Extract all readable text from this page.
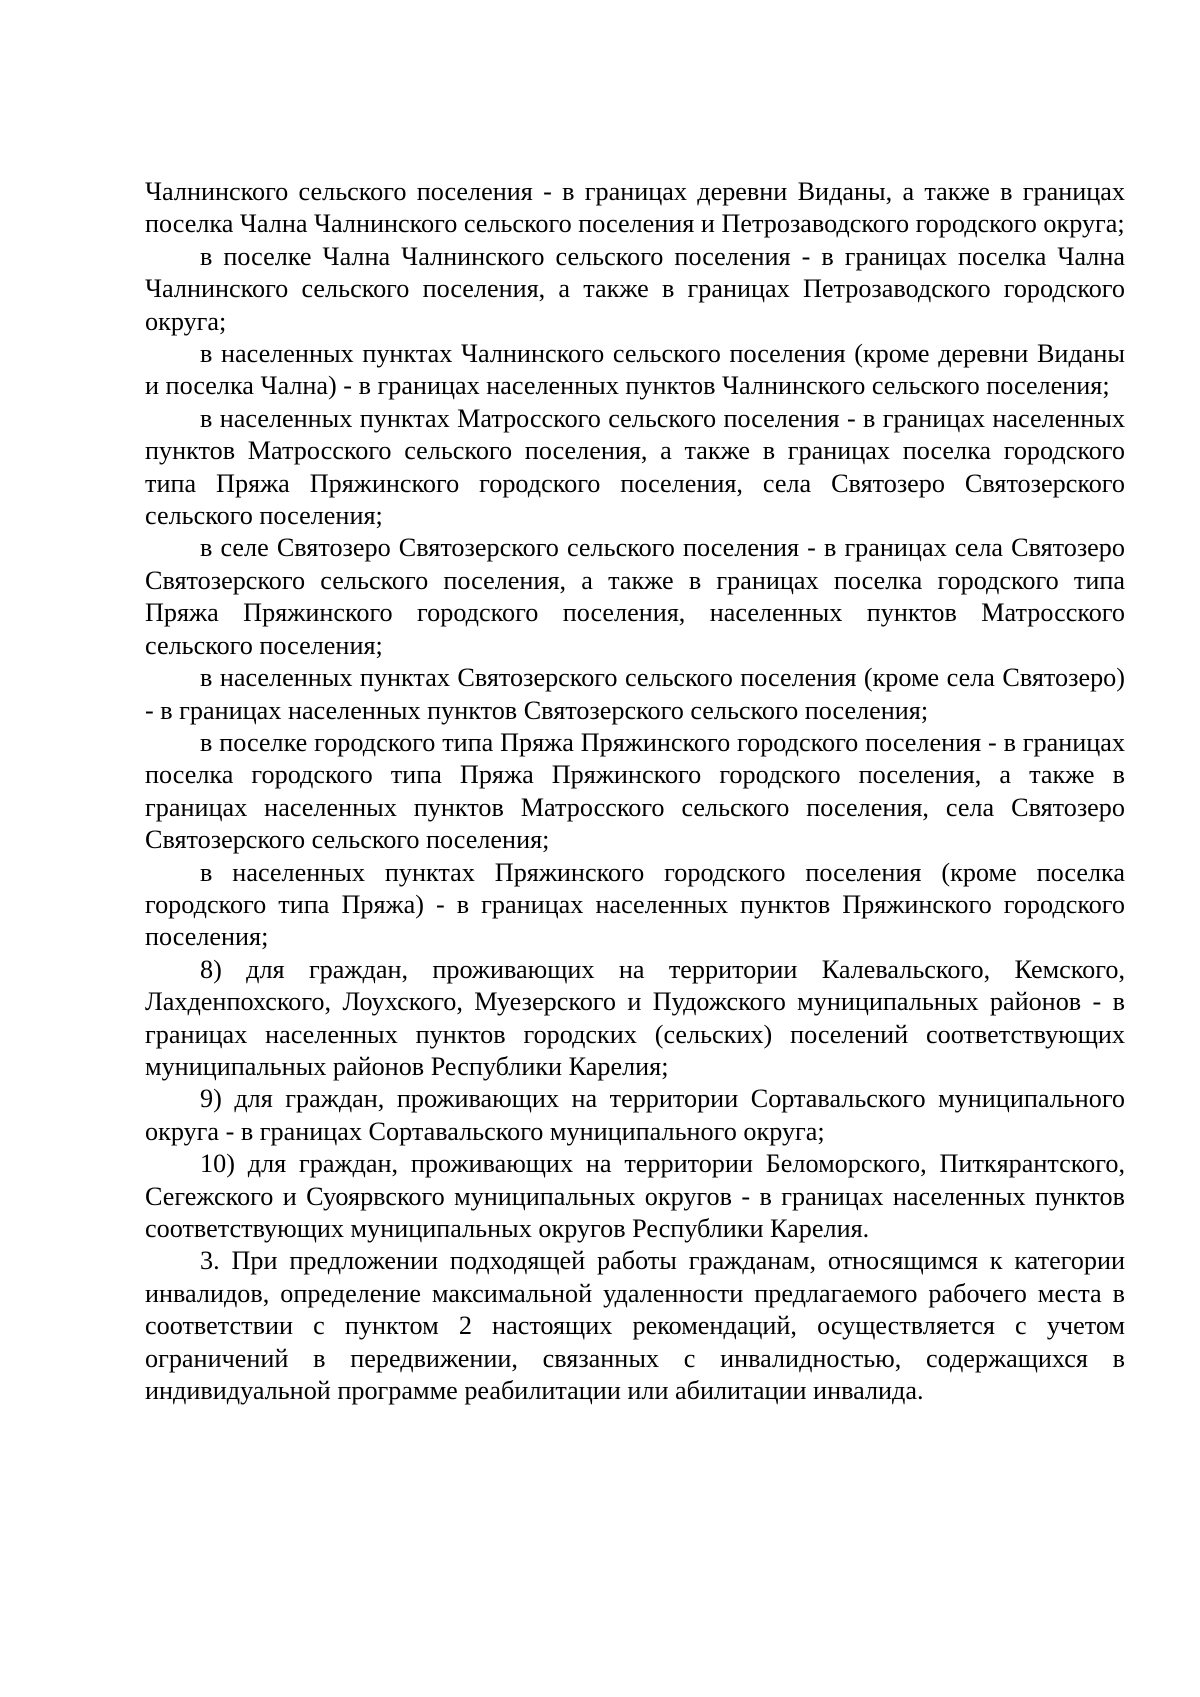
Чалнинского сельского поселения - в границах деревни Виданы, а также в границах поселка Чална Чалнинского сельского поселения и Петрозаводского городского округа;

в поселке Чална Чалнинского сельского поселения - в границах поселка Чална Чалнинского сельского поселения, а также в границах Петрозаводского городского округа;

в населенных пунктах Чалнинского сельского поселения (кроме деревни Виданы и поселка Чална) - в границах населенных пунктов Чалнинского сельского поселения;

в населенных пунктах Матросского сельского поселения - в границах населенных пунктов Матросского сельского поселения, а также в границах поселка городского типа Пряжа Пряжинского городского поселения, села Святозеро Святозерского сельского поселения;

в селе Святозеро Святозерского сельского поселения - в границах села Святозеро Святозерского сельского поселения, а также в границах поселка городского типа Пряжа Пряжинского городского поселения, населенных пунктов Матросского сельского поселения;

в населенных пунктах Святозерского сельского поселения (кроме села Святозеро) - в границах населенных пунктов Святозерского сельского поселения;

в поселке городского типа Пряжа Пряжинского городского поселения - в границах поселка городского типа Пряжа Пряжинского городского поселения, а также в границах населенных пунктов Матросского сельского поселения, села Святозеро Святозерского сельского поселения;

в населенных пунктах Пряжинского городского поселения (кроме поселка городского типа Пряжа) - в границах населенных пунктов Пряжинского городского поселения;

8) для граждан, проживающих на территории Калевальского, Кемского, Лахденпохского, Лоухского, Муезерского и Пудожского муниципальных районов - в границах населенных пунктов городских (сельских) поселений соответствующих муниципальных районов Республики Карелия;

9) для граждан, проживающих на территории Сортавальского муниципального округа - в границах Сортавальского муниципального округа;

10) для граждан, проживающих на территории Беломорского, Питкярантского, Сегежского и Суоярвского муниципальных округов - в границах населенных пунктов соответствующих муниципальных округов Республики Карелия.

3. При предложении подходящей работы гражданам, относящимся к категории инвалидов, определение максимальной удаленности предлагаемого рабочего места в соответствии с пунктом 2 настоящих рекомендаций, осуществляется с учетом ограничений в передвижении, связанных с инвалидностью, содержащихся в индивидуальной программе реабилитации или абилитации инвалида.
